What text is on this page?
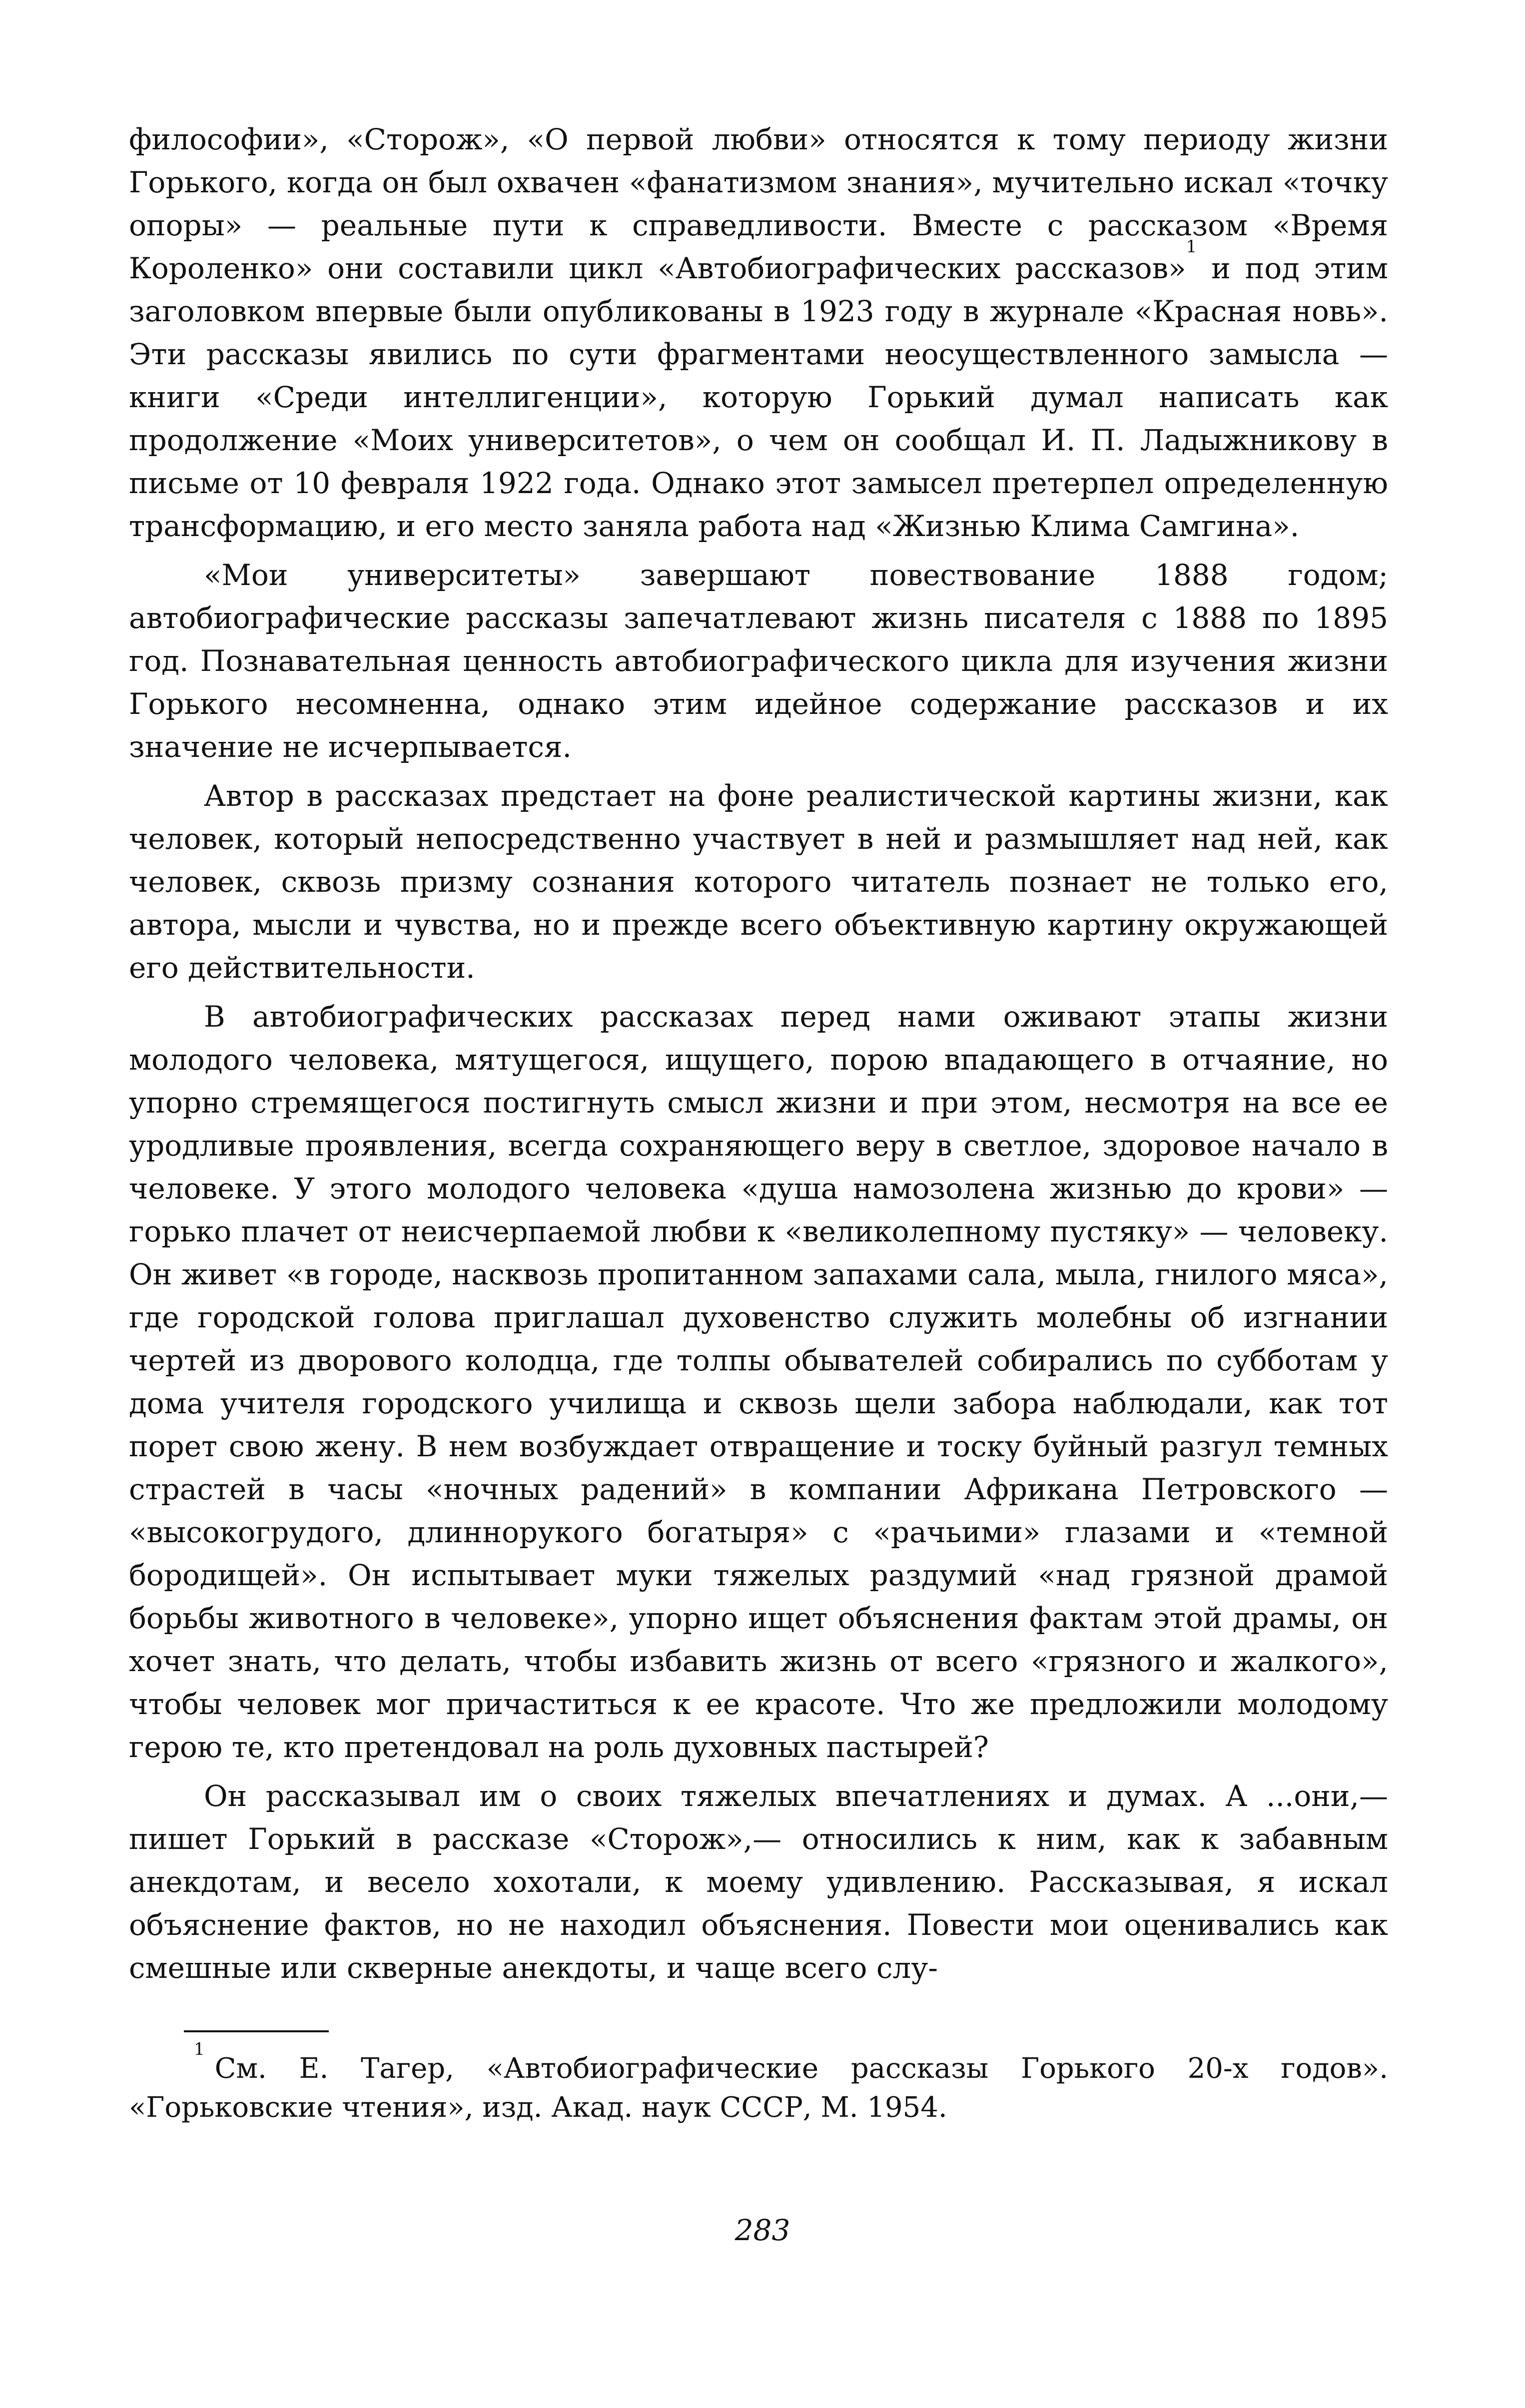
философии», «Сторож», «О первой любви» относятся к тому периоду жизни Горького, когда он был охвачен «фанатизмом знания», мучительно искал «точку опоры» — реальные пути к справедливости. Вместе с рассказом «Время Короленко» они составили цикл «Автобиографических рассказов»$^1$ и под этим заголовком впервые были опубликованы в 1923 году в журнале «Красная новь». Эти рассказы явились по сути фрагментами неосуществленного замысла — книги «Среди интеллигенции», которую Горький думал написать как продолжение «Моих университетов», о чем он сообщал И. П. Ладыжникову в письме от 10 февраля 1922 года. Однако этот замысел претерпел определенную трансформацию, и его место заняла работа над «Жизнью Клима Самгина».

«Мои университеты» завершают повествование 1888 годом; автобиографические рассказы запечатлевают жизнь писателя с 1888 по 1895 год. Познавательная ценность автобиографического цикла для изучения жизни Горького несомненна, однако этим идейное содержание рассказов и их значение не исчерпывается.

Автор в рассказах предстает на фоне реалистической картины жизни, как человек, который непосредственно участвует в ней и размышляет над ней, как человек, сквозь призму сознания которого читатель познает не только его, автора, мысли и чувства, но и прежде всего объективную картину окружающей его действительности.

В автобиографических рассказах перед нами оживают этапы жизни молодого человека, мятущегося, ищущего, порою впадающего в отчаяние, но упорно стремящегося постигнуть смысл жизни и при этом, несмотря на все ее уродливые проявления, всегда сохраняющего веру в светлое, здоровое начало в человеке. У этого молодого человека «душа намозолена жизнью до крови» — горько плачет от неисчерпаемой любви к «великолепному пустяку» — человеку. Он живет «в городе, насквозь пропитанном запахами сала, мыла, гнилого мяса», где городской голова приглашал духовенство служить молебны об изгнании чертей из дворового колодца, где толпы обывателей собирались по субботам у дома учителя городского училища и сквозь щели забора наблюдали, как тот порет свою жену. В нем возбуждает отвращение и тоску буйный разгул темных страстей в часы «ночных радений» в компании Африкана Петровского — «высокогрудого, длиннорукого богатыря» с «рачьими» глазами и «темной бородищей». Он испытывает муки тяжелых раздумий «над грязной драмой борьбы животного в человеке», упорно ищет объяснения фактам этой драмы, он хочет знать, что делать, чтобы избавить жизнь от всего «грязного и жалкого», чтобы человек мог причаститься к ее красоте. Что же предложили молодому герою те, кто претендовал на роль духовных пастырей?

Он рассказывал им о своих тяжелых впечатлениях и думах. А ...они,— пишет Горький в рассказе «Сторож»,— относились к ним, как к забавным анекдотам, и весело хохотали, к моему удивлению. Рассказывая, я искал объяснение фактов, но не находил объяснения. Повести мои оценивались как смешные или скверные анекдоты, и чаще всего слу-

$^1$См. Е. Тагер, «Автобиографические рассказы Горького 20-х годов». «Горьковские чтения», изд. Акад. наук СССР, М. 1954.

283
